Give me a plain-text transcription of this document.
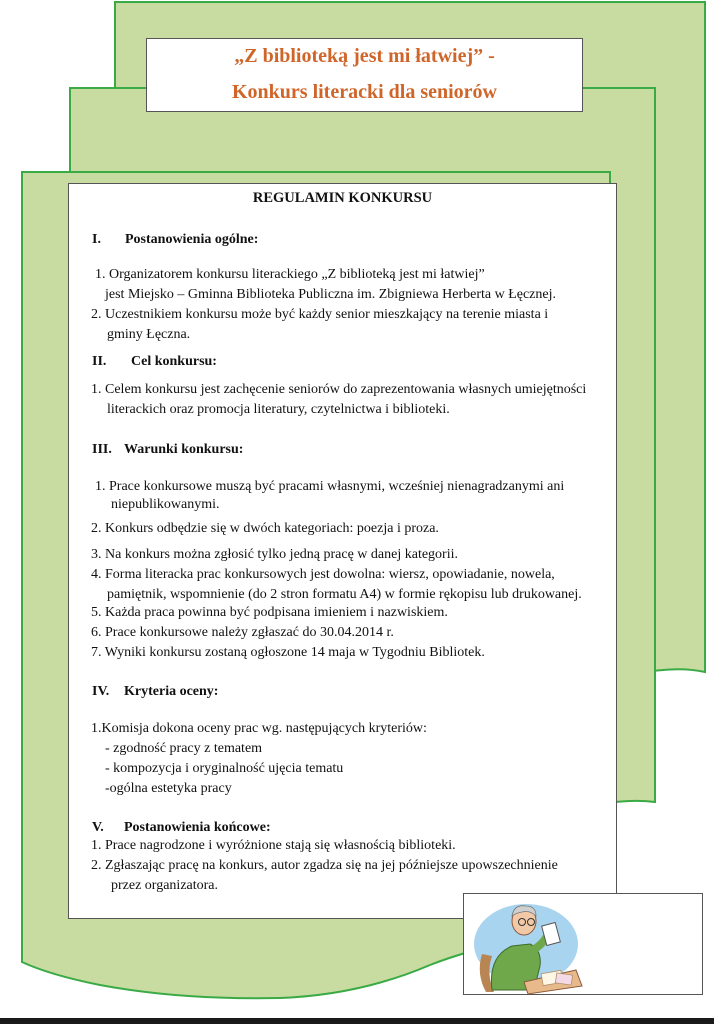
„Z biblioteką jest mi łatwiej” -
Konkurs literacki dla seniorów
REGULAMIN KONKURSU
I. Postanowienia ogólne:
1. Organizatorem konkursu literackiego „Z biblioteką jest mi łatwiej”
jest Miejsko – Gminna Biblioteka Publiczna im. Zbigniewa Herberta w Łęcznej.
2. Uczestnikiem konkursu może być każdy senior mieszkający na terenie miasta i
gminy Łęczna.
II. Cel konkursu:
1. Celem konkursu jest zachęcenie seniorów do zaprezentowania własnych umiejętności
literackich oraz promocja literatury, czytelnictwa i biblioteki.
III. Warunki konkursu:
1. Prace konkursowe muszą być pracami własnymi, wcześniej nienagradzanymi ani
niepublikowanymi.
2. Konkurs odbędzie się w dwóch kategoriach: poezja i proza.
3. Na konkurs można zgłosić tylko jedną pracę w danej kategorii.
4. Forma literacka prac konkursowych jest dowolna: wiersz, opowiadanie, nowela,
pamiętnik, wspomnienie (do 2 stron formatu A4) w formie rękopisu lub drukowanej.
5. Każda praca powinna być podpisana imieniem i nazwiskiem.
6. Prace konkursowe należy zgłaszać do 30.04.2014 r.
7. Wyniki konkursu zostaną ogłoszone 14 maja w Tygodniu Bibliotek.
IV. Kryteria oceny:
1.Komisja dokona oceny prac wg. następujących kryteriów:
- zgodność pracy z tematem
- kompozycja i oryginalność ujęcia tematu
-ogólna estetyka pracy
V. Postanowienia końcowe:
1. Prace nagrodzone i wyróżnione stają się własnością biblioteki.
2. Zgłaszając pracę na konkurs, autor zgadza się na jej późniejsze upowszechnienie
przez organizatora.
